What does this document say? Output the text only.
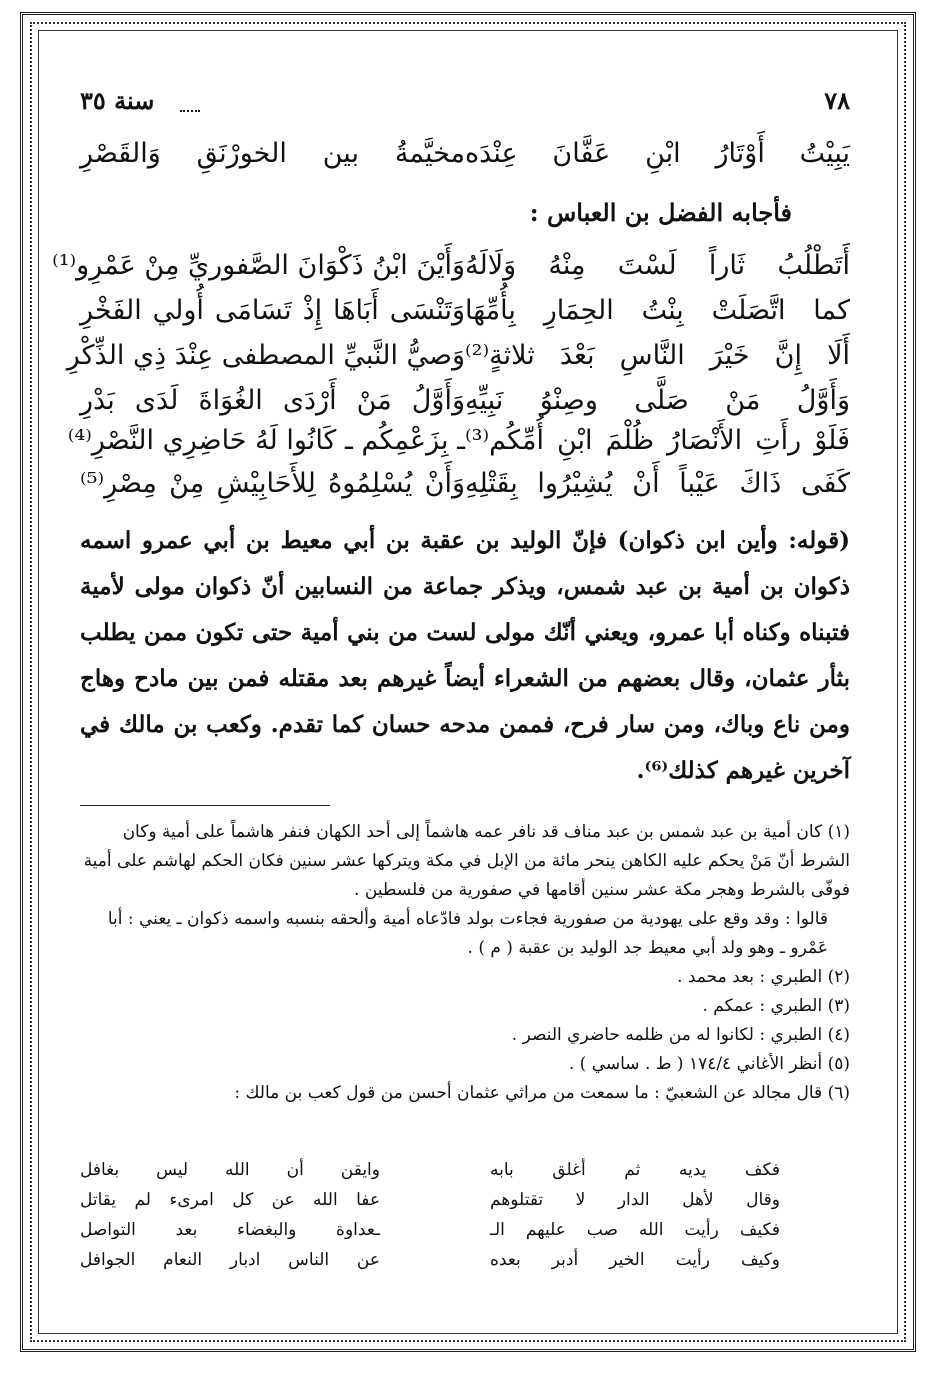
٧٨
سنة ٣٥
يَبِيْتُ أَوْتَارُ ابْنِ عَفَّانَ عِنْدَه
مخيَّمةُ بين الخورْنَقِ وَالقَصْرِ
فأجابه الفضل بن العباس :
أَتَطْلُبُ ثَاراً لَسْتَ مِنْهُ وَلَالَهُ
وَأَيْنَ ابْنُ ذَكْوَانَ الصَّفوريِّ مِنْ عَمْرِو⁽¹⁾
كما اتَّصَلَتْ بِنْتُ الحِمَارِ بِأُمِّهَا
وَتَنْسَى أَبَاهَا إِذْ تَسَامَى أُولي الفَخْرِ
أَلَا إِنَّ خَيْرَ النَّاسِ بَعْدَ ثلاثةٍ⁽²⁾
وَصيُّ النَّبيِّ المصطفى عِنْدَ ذِي الذِّكْرِ
وَأَوَّلُ مَنْ صَلَّى وصِنْوُ نَبِيِّهِ
وَأَوَّلُ مَنْ أَرْدَى الغُوَاةَ لَدَى بَدْرِ
فَلَوْ رأَتِ الأَنْصَارُ ظُلْمَ ابْنِ أُمِّكُم⁽³⁾
ـ بِزَعْمِكُم ـ كَانُوا لَهُ حَاضِرِي النَّصْرِ⁽⁴⁾
كَفَى ذَاكَ عَيْباً أَنْ يُشِيْرُوا بِقَتْلِهِ
وَأَنْ يُسْلِمُوهُ لِلأَحَابِيْشِ مِنْ مِصْرِ⁽⁵⁾
(قوله: وأين ابن ذكوان) فإنّ الوليد بن عقبة بن أبي معيط بن أبي عمرو اسمه ذكوان بن أمية بن عبد شمس، ويذكر جماعة من النسابين أنّ ذكوان مولى لأمية فتبناه وكناه أبا عمرو، ويعني أنّك مولى لست من بني أمية حتى تكون ممن يطلب بثأر عثمان، وقال بعضهم من الشعراء أيضاً غيرهم بعد مقتله فمن بين مادح وهاج ومن ناع وباك، ومن سار فرح، فممن مدحه حسان كما تقدم. وكعب بن مالك في آخرين غيرهم كذلك⁽⁶⁾.

(١) كان أمية بن عبد شمس بن عبد مناف قد نافر عمه هاشماً إلى أحد الكهان فنفر هاشماً على أمية وكان الشرط أنّ مَنْ يحكم عليه الكاهن ينحر مائة من الإبل في مكة ويتركها عشر سنين فكان الحكم لهاشم على أمية فوفّى بالشرط وهجر مكة عشر سنين أقامها في صفورية من فلسطين .

قالوا : وقد وقع على يهودية من صفورية فجاءت بولد فادّعاه أمية وألحقه بنسبه واسمه ذكوان ـ يعني : أبا عَمْرو ـ وهو ولد أبي معيط جد الوليد بن عقبة ( م ) .

(٢) الطبري : بعد محمد .

(٣) الطبري : عمكم .

(٤) الطبري : لكانوا له من ظلمه حاضري النصر .

(٥) أنظر الأغاني ١٧٤/٤ ( ط . ساسي ) .

(٦) قال مجالد عن الشعبيّ : ما سمعت من مراثي عثمان أحسن من قول كعب بن مالك :

فكف يديه ثم أغلق بابه
وايقن أن الله ليس بغافل
وقال لأهل الدار لا تقتلوهم
عفا الله عن كل امرىء لم يقاتل
فكيف رأيت الله صب عليهم الـ
ـعداوة والبغضاء بعد التواصل
وكيف رأيت الخير أدبر بعده
عن الناس ادبار النعام الجوافل
